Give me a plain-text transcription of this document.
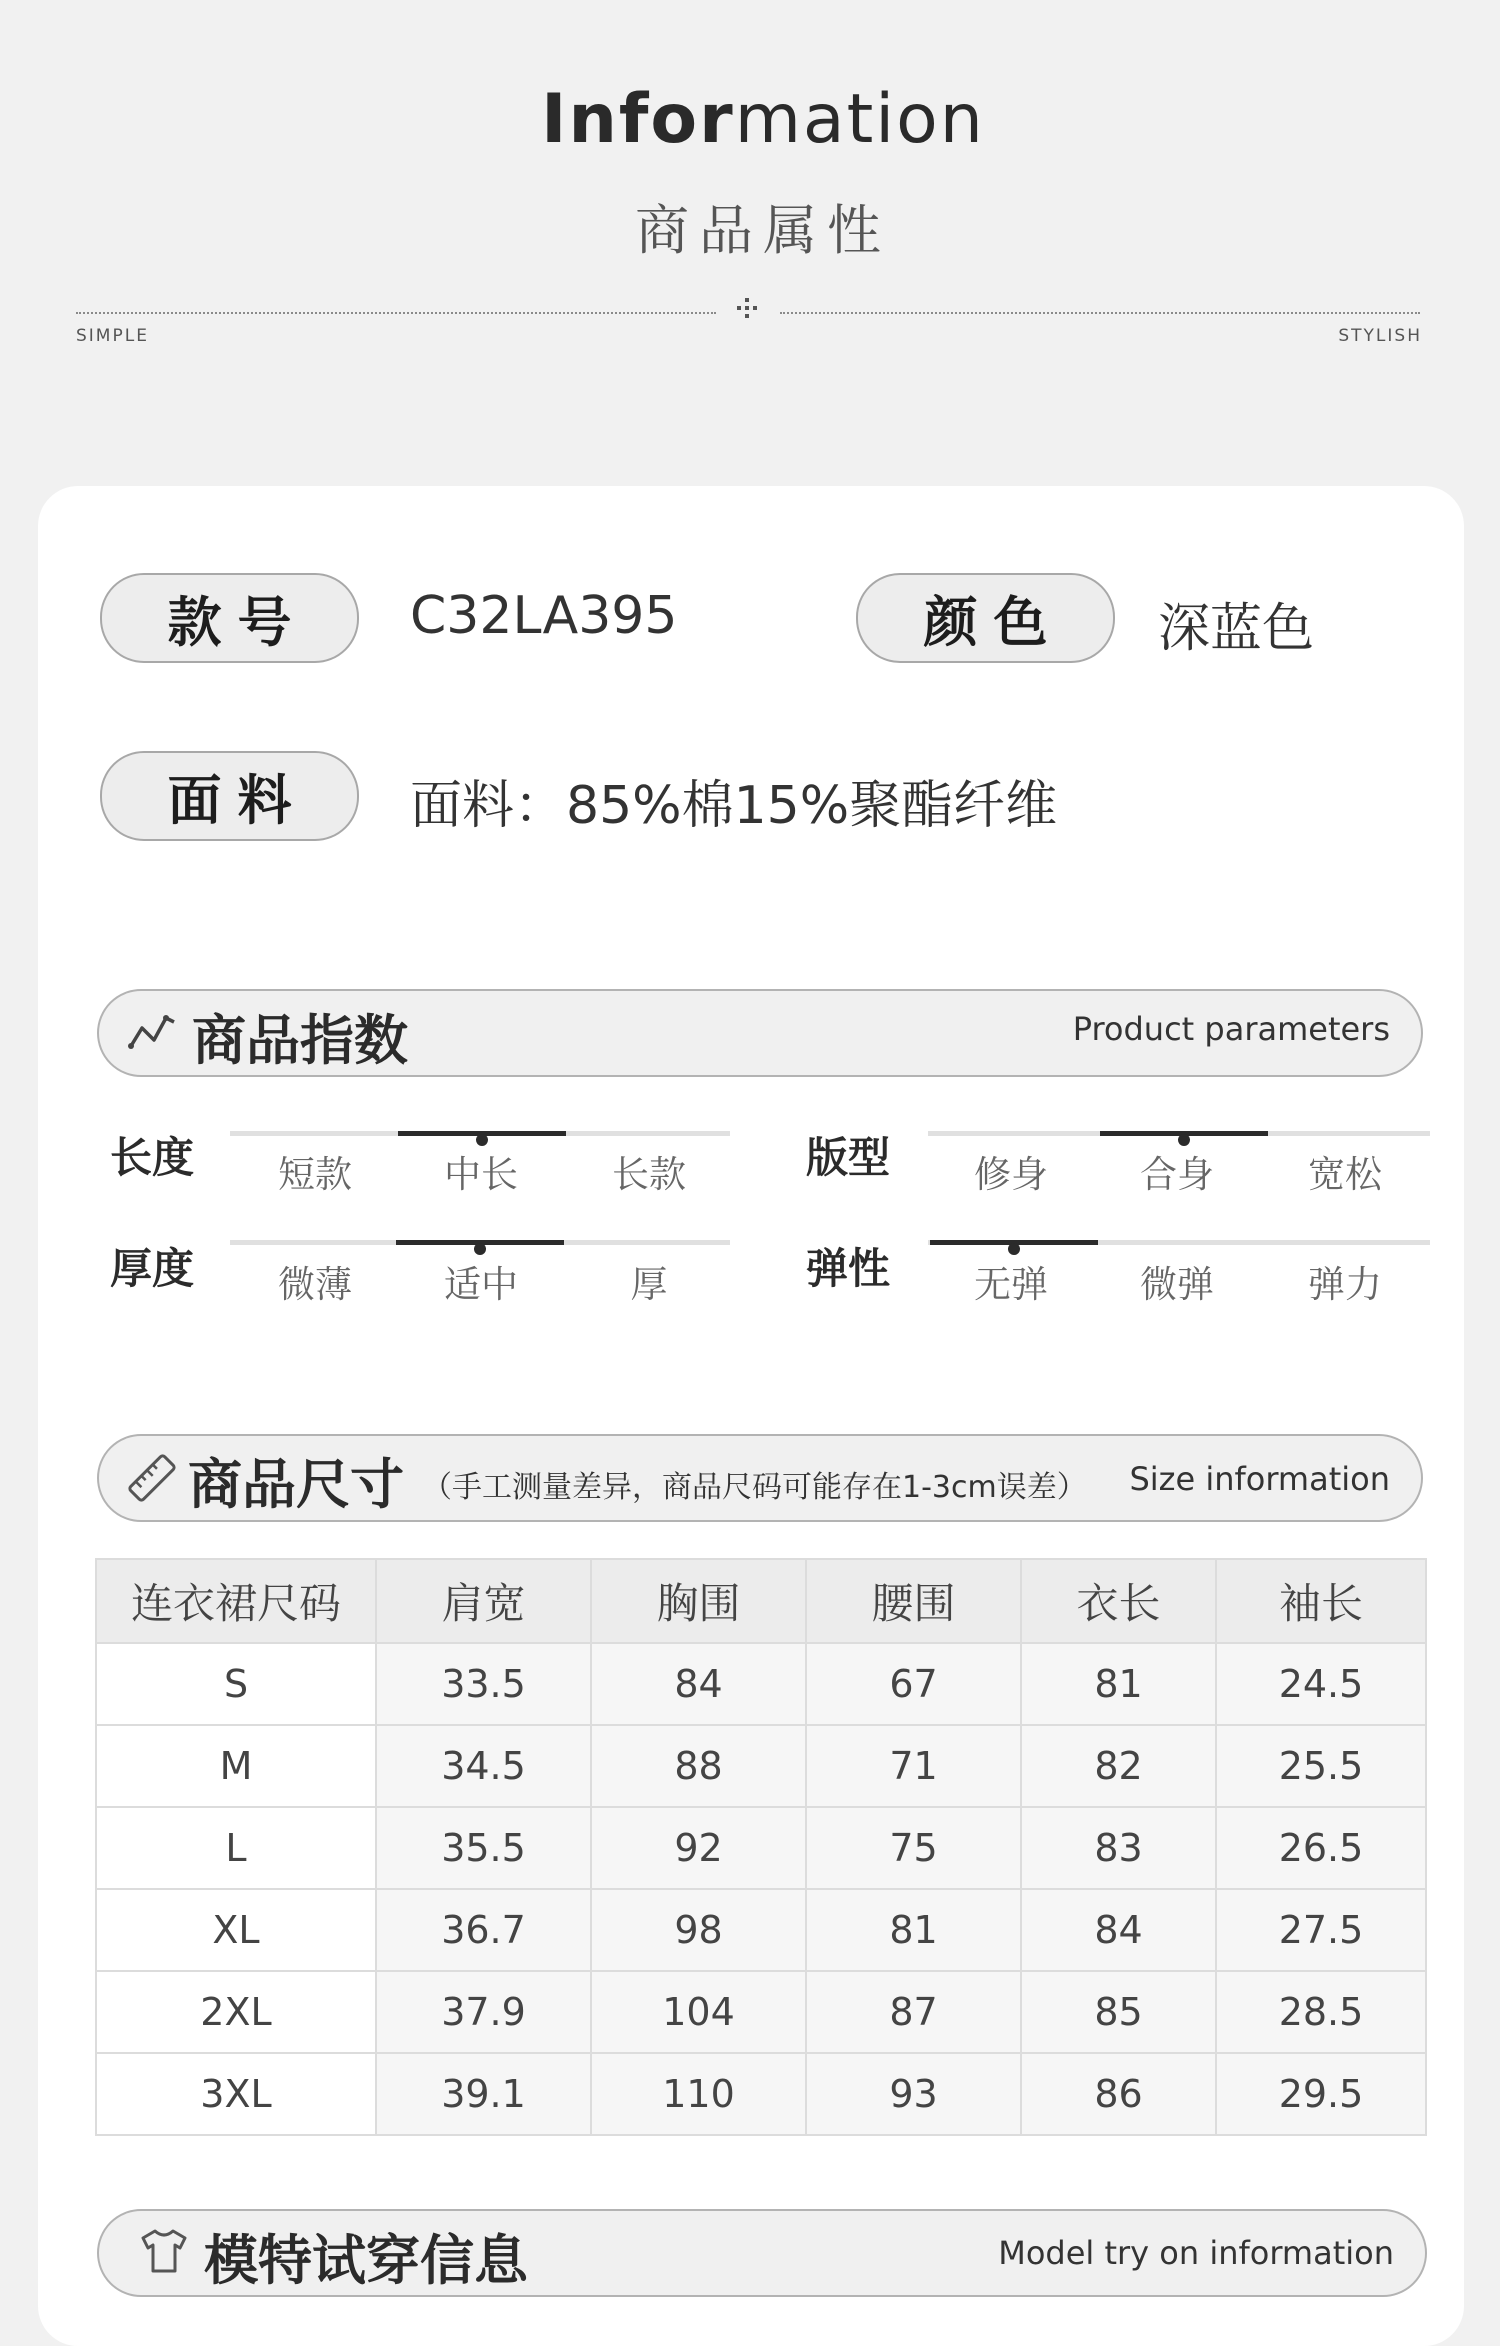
Information
商品属性
SIMPLE	STYLISH
款号 C32LA395	颜色 深蓝色
面料 面料：85%棉15%聚酯纤维
商品指数	Product parameters
长度	短款	中长	长款	版型	修身	合身	宽松
厚度	微薄	适中	厚	弹性	无弹	微弹	弹力
商品尺寸 （手工测量差异，商品尺码可能存在1-3cm误差） Size information
连衣裙尺码	肩宽	胸围	腰围	衣长	袖长
S	33.5	84	67	81	24.5
M	34.5	88	71	82	25.5
L	35.5	92	75	83	26.5
XL	36.7	98	81	84	27.5
2XL	37.9	104	87	85	28.5
3XL	39.1	110	93	86	29.5
模特试穿信息	Model try on information
